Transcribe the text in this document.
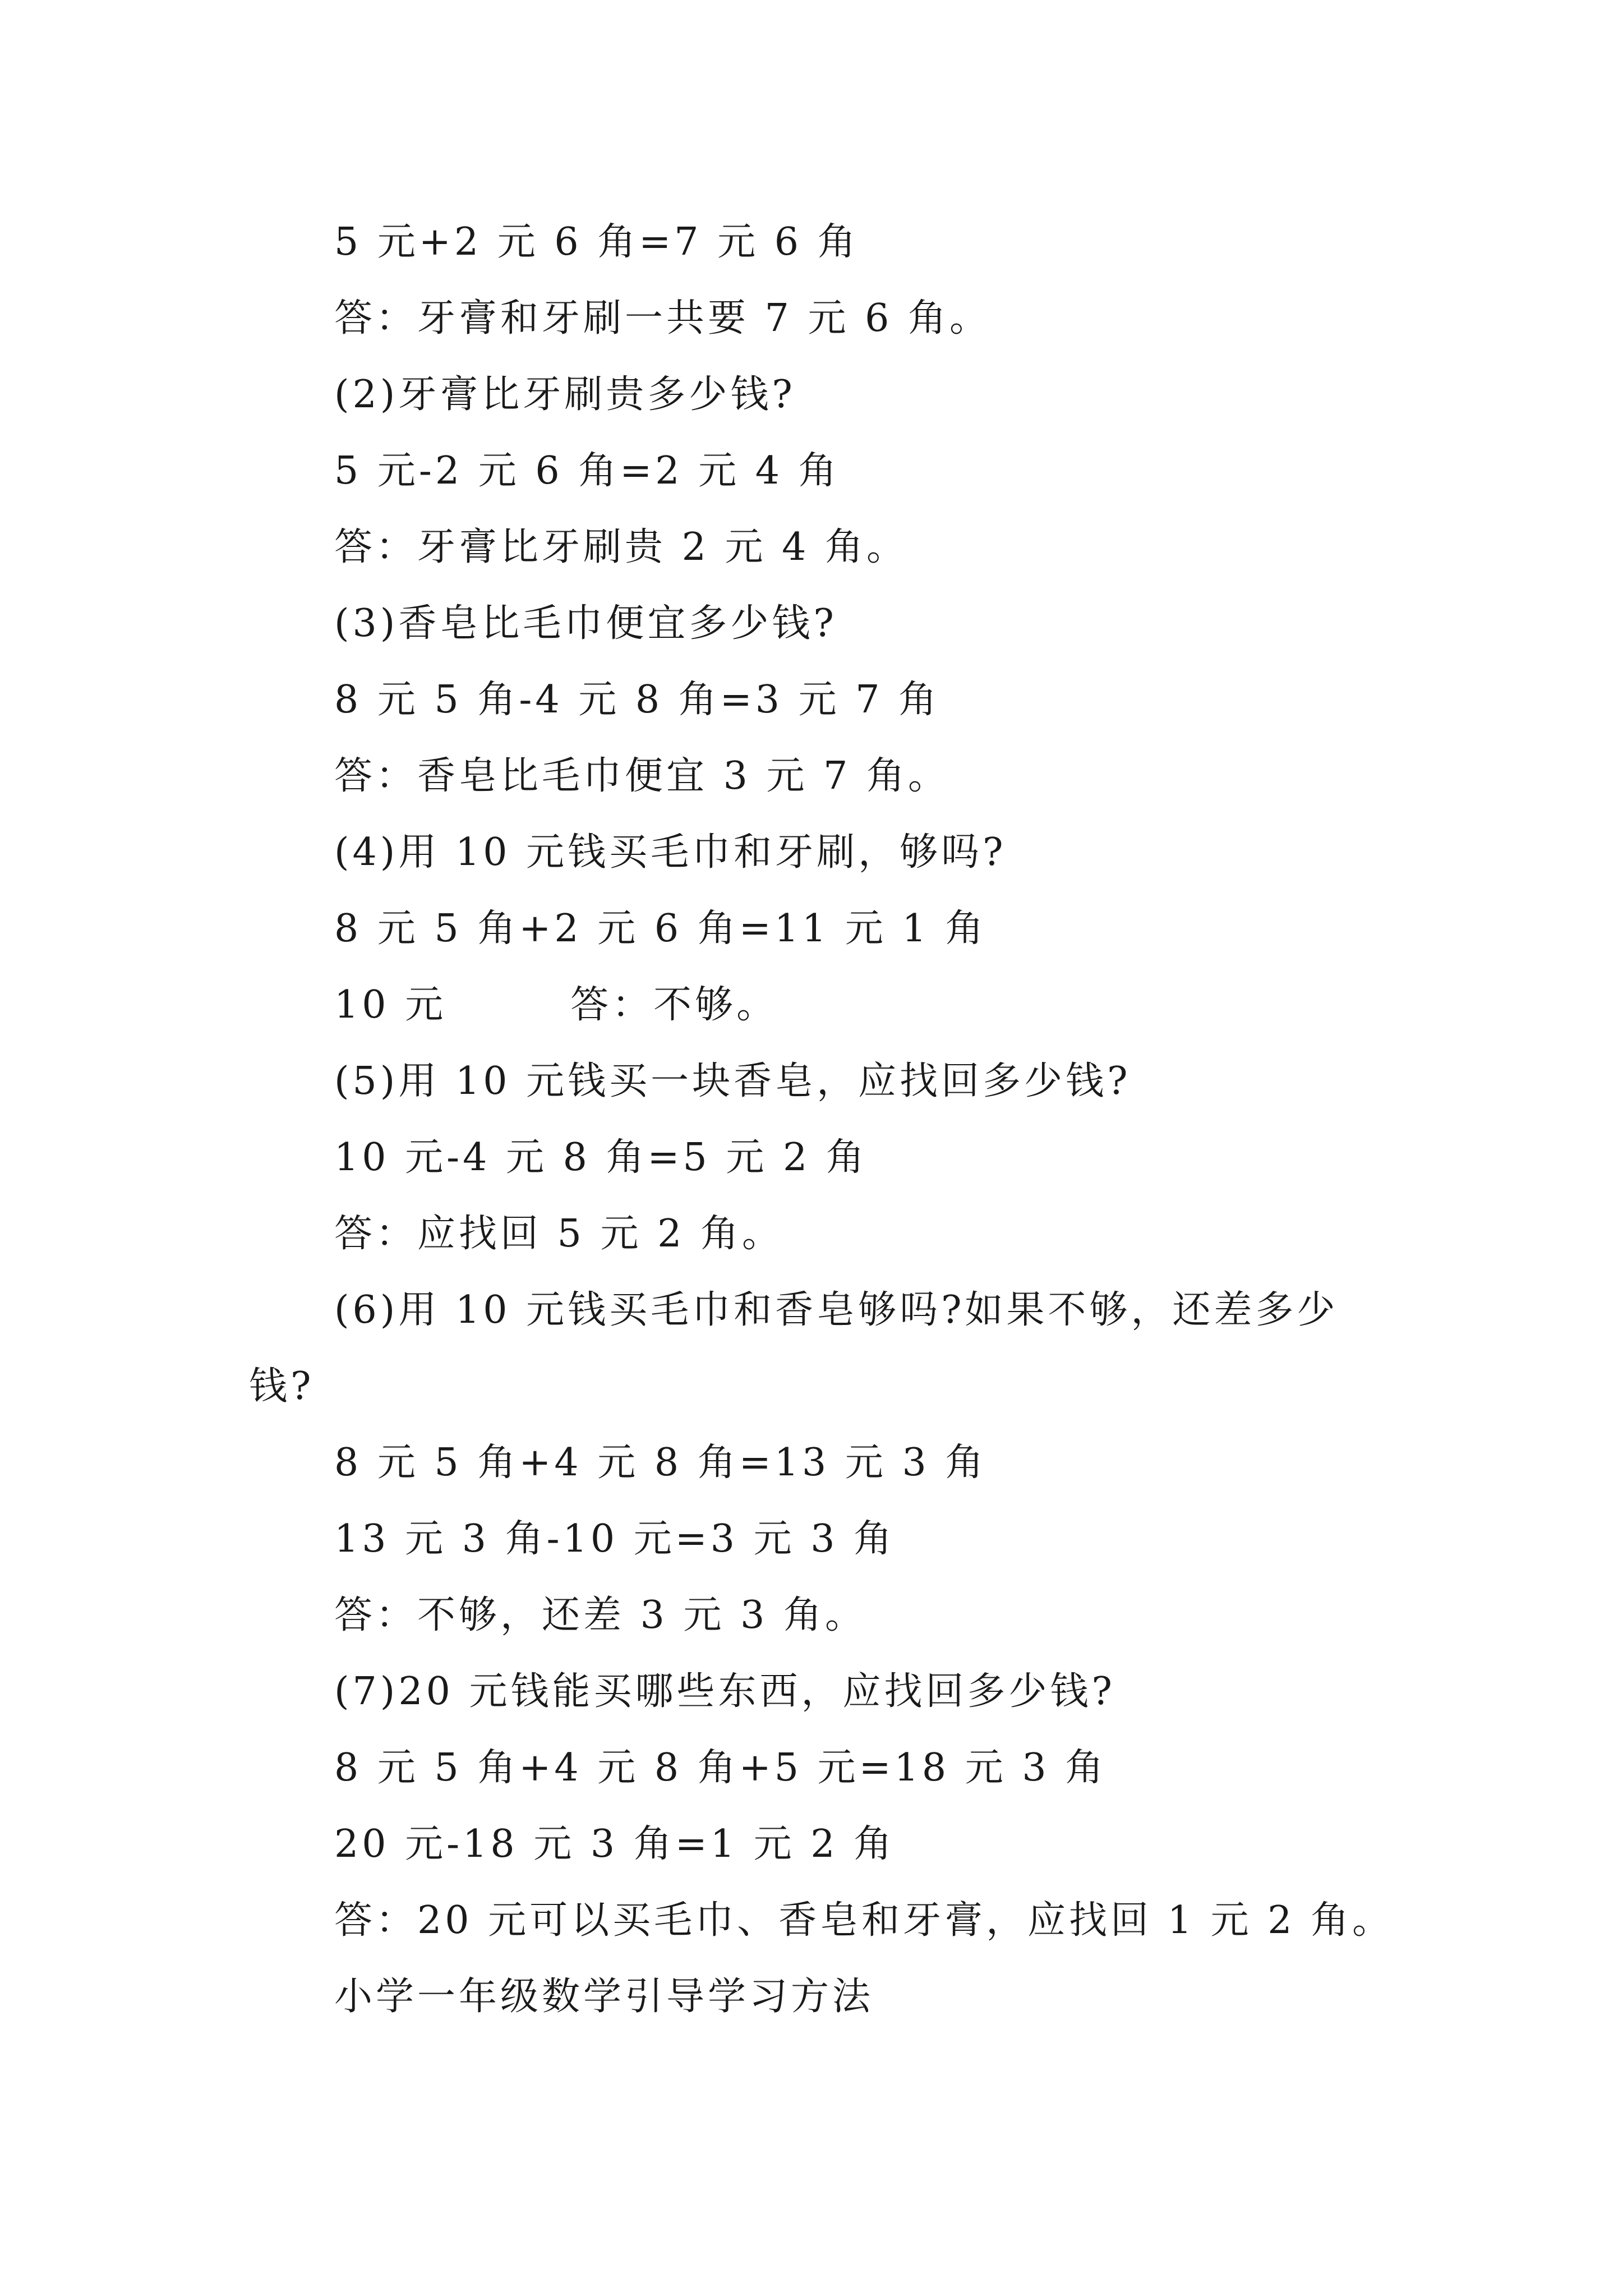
5 元+2 元 6 角=7 元 6 角
答：牙膏和牙刷一共要 7 元 6 角。
(2)牙膏比牙刷贵多少钱?
5 元-2 元 6 角=2 元 4 角
答：牙膏比牙刷贵 2 元 4 角。
(3)香皂比毛巾便宜多少钱?
8 元 5 角-4 元 8 角=3 元 7 角
答：香皂比毛巾便宜 3 元 7 角。
(4)用 10 元钱买毛巾和牙刷，够吗?
8 元 5 角+2 元 6 角=11 元 1 角
10 元        答：不够。
(5)用 10 元钱买一块香皂，应找回多少钱?
10 元-4 元 8 角=5 元 2 角
答：应找回 5 元 2 角。
(6)用 10 元钱买毛巾和香皂够吗?如果不够，还差多少
钱?
8 元 5 角+4 元 8 角=13 元 3 角
13 元 3 角-10 元=3 元 3 角
答：不够，还差 3 元 3 角。
(7)20 元钱能买哪些东西，应找回多少钱?
8 元 5 角+4 元 8 角+5 元=18 元 3 角
20 元-18 元 3 角=1 元 2 角
答：20 元可以买毛巾、香皂和牙膏，应找回 1 元 2 角。
小学一年级数学引导学习方法
